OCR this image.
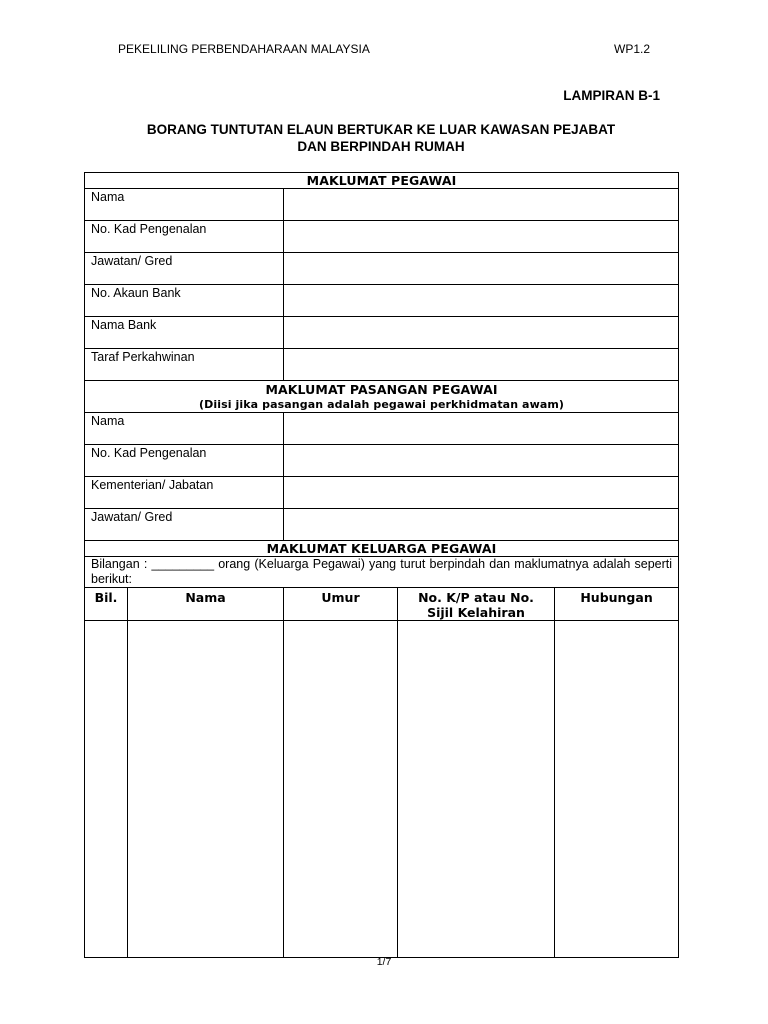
PEKELILING PERBENDAHARAAN MALAYSIA	WP1.2
LAMPIRAN B-1
BORANG TUNTUTAN ELAUN BERTUKAR KE LUAR KAWASAN PEJABAT
DAN BERPINDAH RUMAH
MAKLUMAT PEGAWAI				
Nama				
No. Kad Pengenalan				
Jawatan/ Gred				
No. Akaun Bank				
Nama Bank				
Taraf Perkahwinan				
MAKLUMAT PASANGAN PEGAWAI
(Diisi jika pasangan adalah pegawai perkhidmatan awam)				

Nama				
No. Kad Pengenalan				
Kementerian/ Jabatan				
Jawatan/ Gred				
MAKLUMAT KELUARGA PEGAWAI				
Bilangan : _________ orang (Keluarga Pegawai) yang turut berpindah dan maklumatnya adalah seperti berikut:				
Bil.	Nama	Umur	No. K/P atau No. Sijil Kelahiran	Hubungan

1/7
